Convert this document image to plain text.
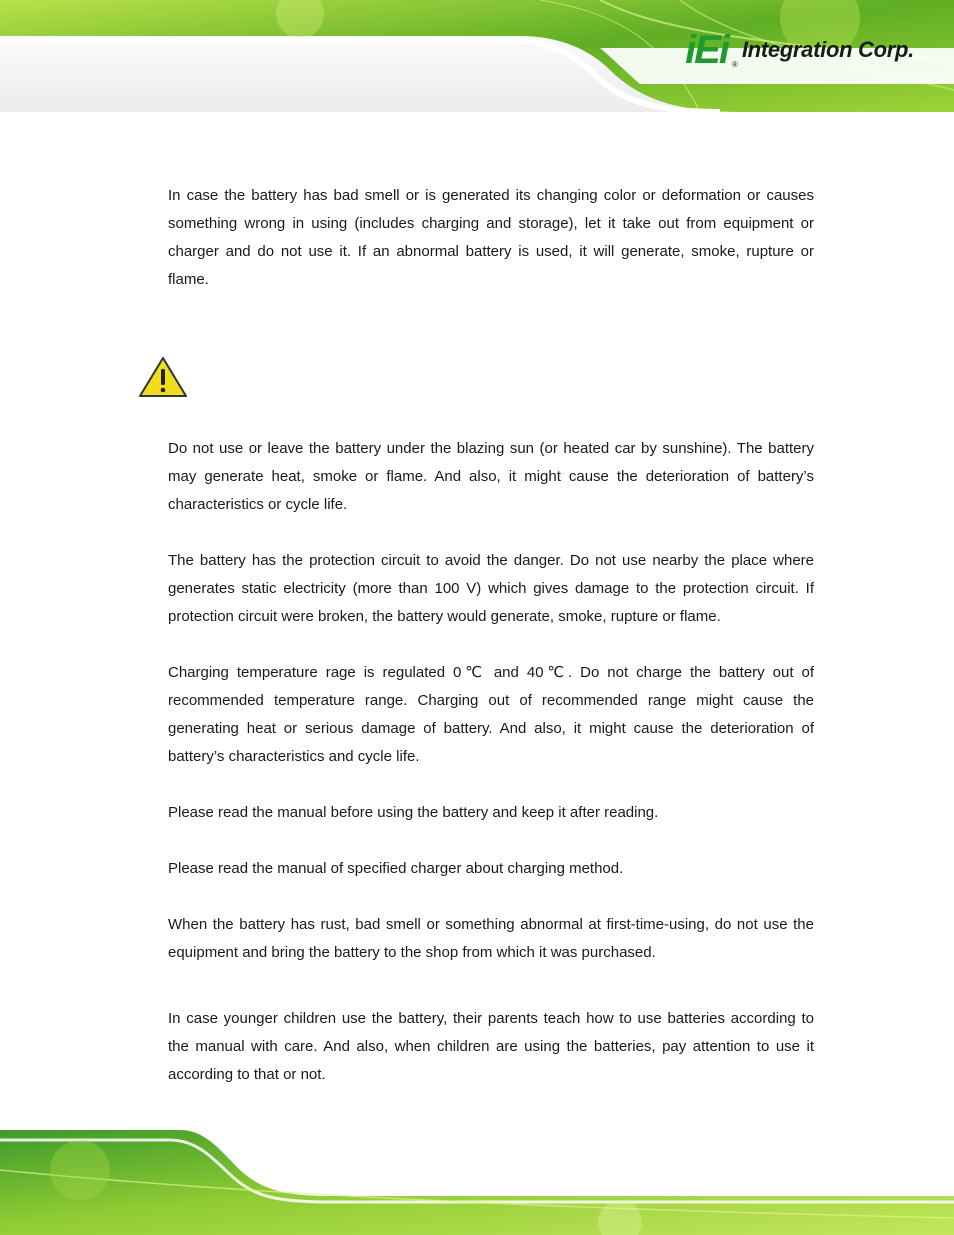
iEi ®
Integration Corp.

In case the battery has bad smell or is generated its changing color or deformation or causes something wrong in using (includes charging and storage), let it take out from equipment or charger and do not use it. If an abnormal battery is used, it will generate, smoke, rupture or flame.

Do not use or leave the battery under the blazing sun (or heated car by sunshine). The battery may generate heat, smoke or flame. And also, it might cause the deterioration of battery’s characteristics or cycle life.

The battery has the protection circuit to avoid the danger. Do not use nearby the place where generates static electricity (more than 100 V) which gives damage to the protection circuit. If protection circuit were broken, the battery would generate, smoke, rupture or flame.

Charging temperature rage is regulated 0℃ and 40℃. Do not charge the battery out of recommended temperature range. Charging out of recommended range might cause the generating heat or serious damage of battery. And also, it might cause the deterioration of battery’s characteristics and cycle life.

Please read the manual before using the battery and keep it after reading.

Please read the manual of specified charger about charging method.

When the battery has rust, bad smell or something abnormal at first-time-using, do not use the equipment and bring the battery to the shop from which it was purchased.

In case younger children use the battery, their parents teach how to use batteries according to the manual with care. And also, when children are using the batteries, pay attention to use it according to that or not.
